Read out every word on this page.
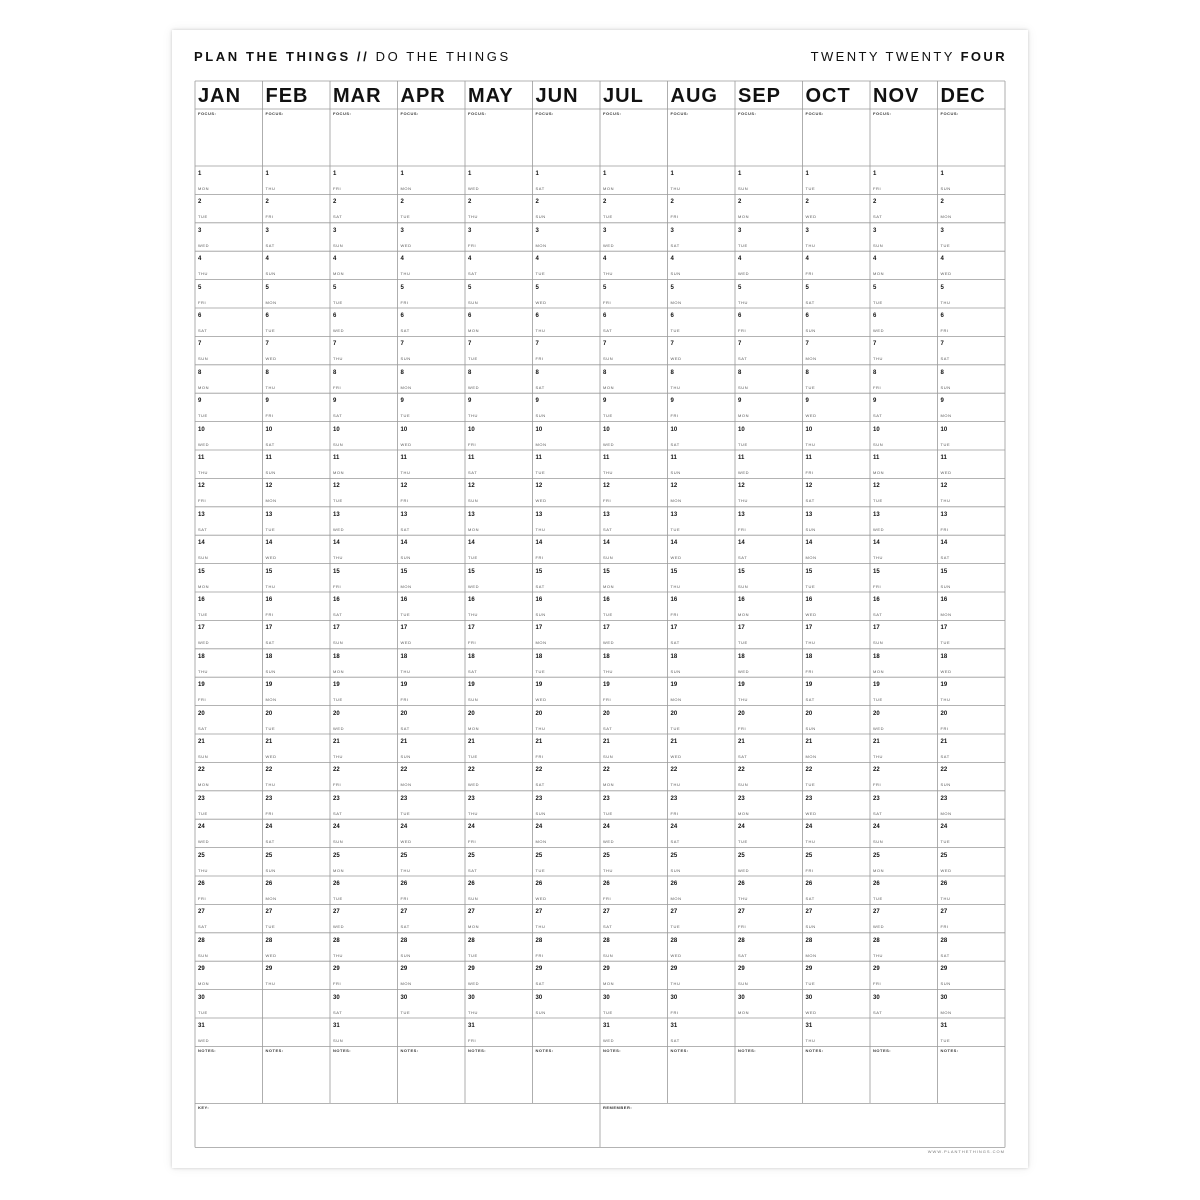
PLAN THE THINGS // DO THE THINGS	TWENTY TWENTY FOUR
JAN
FOCUS:
1
MON
2
TUE
3
WED
4
THU
5
FRI
6
SAT
7
SUN
8
MON
9
TUE
10
WED
11
THU
12
FRI
13
SAT
14
SUN
15
MON
16
TUE
17
WED
18
THU
19
FRI
20
SAT
21
SUN
22
MON
23
TUE
24
WED
25
THU
26
FRI
27
SAT
28
SUN
29
MON
30
TUE
31
WED
NOTES:
FEB
FOCUS:
1
THU
2
FRI
3
SAT
4
SUN
5
MON
6
TUE
7
WED
8
THU
9
FRI
10
SAT
11
SUN
12
MON
13
TUE
14
WED
15
THU
16
FRI
17
SAT
18
SUN
19
MON
20
TUE
21
WED
22
THU
23
FRI
24
SAT
25
SUN
26
MON
27
TUE
28
WED
29
THU
NOTES:
MAR
FOCUS:
1
FRI
2
SAT
3
SUN
4
MON
5
TUE
6
WED
7
THU
8
FRI
9
SAT
10
SUN
11
MON
12
TUE
13
WED
14
THU
15
FRI
16
SAT
17
SUN
18
MON
19
TUE
20
WED
21
THU
22
FRI
23
SAT
24
SUN
25
MON
26
TUE
27
WED
28
THU
29
FRI
30
SAT
31
SUN
NOTES:
APR
FOCUS:
1
MON
2
TUE
3
WED
4
THU
5
FRI
6
SAT
7
SUN
8
MON
9
TUE
10
WED
11
THU
12
FRI
13
SAT
14
SUN
15
MON
16
TUE
17
WED
18
THU
19
FRI
20
SAT
21
SUN
22
MON
23
TUE
24
WED
25
THU
26
FRI
27
SAT
28
SUN
29
MON
30
TUE
NOTES:
MAY
FOCUS:
1
WED
2
THU
3
FRI
4
SAT
5
SUN
6
MON
7
TUE
8
WED
9
THU
10
FRI
11
SAT
12
SUN
13
MON
14
TUE
15
WED
16
THU
17
FRI
18
SAT
19
SUN
20
MON
21
TUE
22
WED
23
THU
24
FRI
25
SAT
26
SUN
27
MON
28
TUE
29
WED
30
THU
31
FRI
NOTES:
JUN
FOCUS:
1
SAT
2
SUN
3
MON
4
TUE
5
WED
6
THU
7
FRI
8
SAT
9
SUN
10
MON
11
TUE
12
WED
13
THU
14
FRI
15
SAT
16
SUN
17
MON
18
TUE
19
WED
20
THU
21
FRI
22
SAT
23
SUN
24
MON
25
TUE
26
WED
27
THU
28
FRI
29
SAT
30
SUN
NOTES:
JUL
FOCUS:
1
MON
2
TUE
3
WED
4
THU
5
FRI
6
SAT
7
SUN
8
MON
9
TUE
10
WED
11
THU
12
FRI
13
SAT
14
SUN
15
MON
16
TUE
17
WED
18
THU
19
FRI
20
SAT
21
SUN
22
MON
23
TUE
24
WED
25
THU
26
FRI
27
SAT
28
SUN
29
MON
30
TUE
31
WED
NOTES:
AUG
FOCUS:
1
THU
2
FRI
3
SAT
4
SUN
5
MON
6
TUE
7
WED
8
THU
9
FRI
10
SAT
11
SUN
12
MON
13
TUE
14
WED
15
THU
16
FRI
17
SAT
18
SUN
19
MON
20
TUE
21
WED
22
THU
23
FRI
24
SAT
25
SUN
26
MON
27
TUE
28
WED
29
THU
30
FRI
31
SAT
NOTES:
SEP
FOCUS:
1
SUN
2
MON
3
TUE
4
WED
5
THU
6
FRI
7
SAT
8
SUN
9
MON
10
TUE
11
WED
12
THU
13
FRI
14
SAT
15
SUN
16
MON
17
TUE
18
WED
19
THU
20
FRI
21
SAT
22
SUN
23
MON
24
TUE
25
WED
26
THU
27
FRI
28
SAT
29
SUN
30
MON
NOTES:
OCT
FOCUS:
1
TUE
2
WED
3
THU
4
FRI
5
SAT
6
SUN
7
MON
8
TUE
9
WED
10
THU
11
FRI
12
SAT
13
SUN
14
MON
15
TUE
16
WED
17
THU
18
FRI
19
SAT
20
SUN
21
MON
22
TUE
23
WED
24
THU
25
FRI
26
SAT
27
SUN
28
MON
29
TUE
30
WED
31
THU
NOTES:
NOV
FOCUS:
1
FRI
2
SAT
3
SUN
4
MON
5
TUE
6
WED
7
THU
8
FRI
9
SAT
10
SUN
11
MON
12
TUE
13
WED
14
THU
15
FRI
16
SAT
17
SUN
18
MON
19
TUE
20
WED
21
THU
22
FRI
23
SAT
24
SUN
25
MON
26
TUE
27
WED
28
THU
29
FRI
30
SAT
NOTES:
DEC
FOCUS:
1
SUN
2
MON
3
TUE
4
WED
5
THU
6
FRI
7
SAT
8
SUN
9
MON
10
TUE
11
WED
12
THU
13
FRI
14
SAT
15
SUN
16
MON
17
TUE
18
WED
19
THU
20
FRI
21
SAT
22
SUN
23
MON
24
TUE
25
WED
26
THU
27
FRI
28
SAT
29
SUN
30
MON
31
TUE
NOTES:
KEY:	REMEMBER:
WWW.PLANTHETHINGS.COM
